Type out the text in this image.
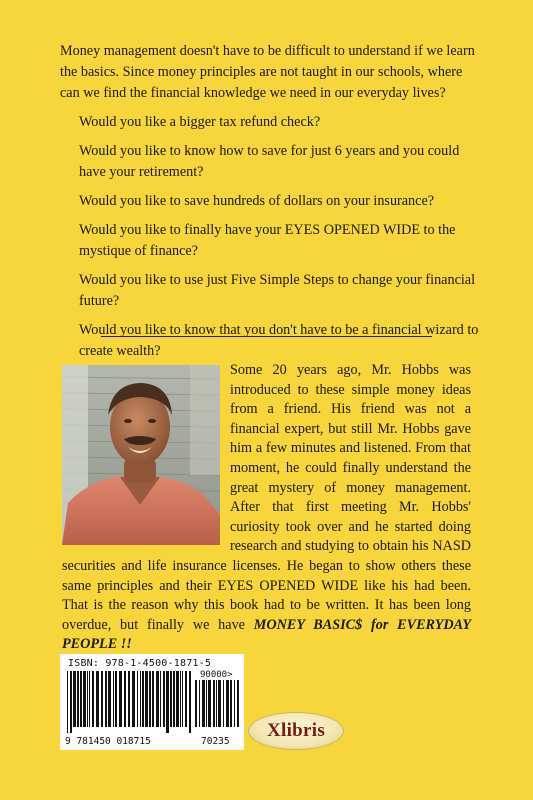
Money management doesn't have to be difficult to understand if we learn the basics. Since money principles are not taught in our schools, where can we find the financial knowledge we need in our everyday lives?

Would you like a bigger tax refund check?
Would you like to know how to save for just 6 years and you could have your retirement?
Would you like to save hundreds of dollars on your insurance?
Would you like to finally have your EYES OPENED WIDE to the mystique of finance?
Would you like to use just Five Simple Steps to change your financial future?
Would you like to know that you don't have to be a financial wizard to create wealth?

Some 20 years ago, Mr. Hobbs was introduced to these simple money ideas from a friend. His friend was not a financial expert, but still Mr. Hobbs gave him a few minutes and listened. From that moment, he could finally understand the great mystery of money management. After that first meeting Mr. Hobbs' curiosity took over and he started doing research and studying to obtain his NASD securities and life insurance licenses. He began to show others these same principles and their EYES OPENED WIDE like his had been. That is the reason why this book had to be written. It has been long overdue, but finally we have MONEY BASIC$ for EVERYDAY PEOPLE !!

ISBN: 978-1-4500-1871-5
90000>
9 781450 018715	70235
Xlibris
